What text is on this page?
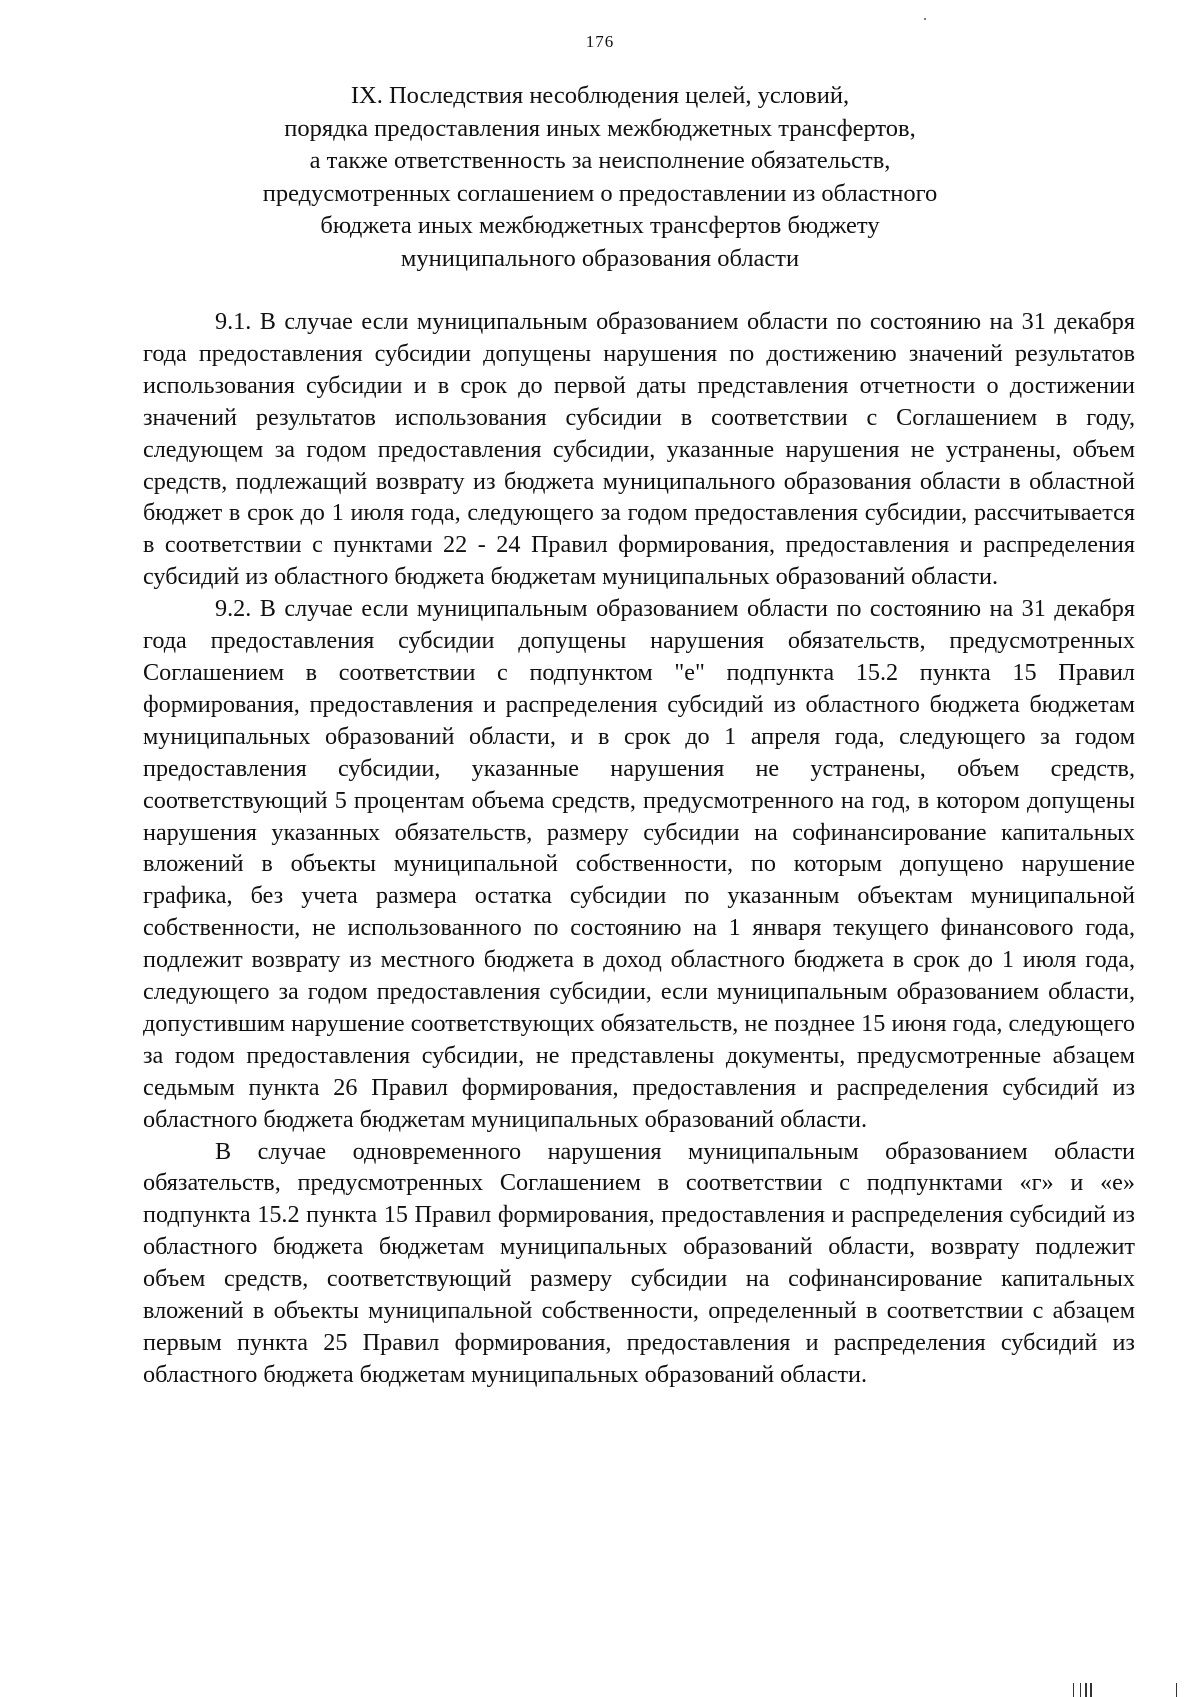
176
IX. Последствия несоблюдения целей, условий,
порядка предоставления иных межбюджетных трансфертов,
а также ответственность за неисполнение обязательств,
предусмотренных соглашением о предоставлении из областного
бюджета иных межбюджетных трансфертов бюджету
муниципального образования области

9.1. В случае если муниципальным образованием области по состоянию на 31 декабря года предоставления субсидии допущены нарушения по достижению значений результатов использования субсидии и в срок до первой даты представления отчетности о достижении значений результатов использования субсидии в соответствии с Соглашением в году, следующем за годом предоставления субсидии, указанные нарушения не устранены, объем средств, подлежащий возврату из бюджета муниципального образования области в областной бюджет в срок до 1 июля года, следующего за годом предоставления субсидии, рассчитывается в соответствии с пунктами 22 - 24 Правил формирования, предоставления и распределения субсидий из областного бюджета бюджетам муниципальных образований области.

9.2. В случае если муниципальным образованием области по состоянию на 31 декабря года предоставления субсидии допущены нарушения обязательств, предусмотренных Соглашением в соответствии с подпунктом "е" подпункта 15.2 пункта 15 Правил формирования, предоставления и распределения субсидий из областного бюджета бюджетам муниципальных образований области, и в срок до 1 апреля года, следующего за годом предоставления субсидии, указанные нарушения не устранены, объем средств, соответствующий 5 процентам объема средств, предусмотренного на год, в котором допущены нарушения указанных обязательств, размеру субсидии на софинансирование капитальных вложений в объекты муниципальной собственности, по которым допущено нарушение графика, без учета размера остатка субсидии по указанным объектам муниципальной собственности, не использованного по состоянию на 1 января текущего финансового года, подлежит возврату из местного бюджета в доход областного бюджета в срок до 1 июля года, следующего за годом предоставления субсидии, если муниципальным образованием области, допустившим нарушение соответствующих обязательств, не позднее 15 июня года, следующего за годом предоставления субсидии, не представлены документы, предусмотренные абзацем седьмым пункта 26 Правил формирования, предоставления и распределения субсидий из областного бюджета бюджетам муниципальных образований области.

В случае одновременного нарушения муниципальным образованием области обязательств, предусмотренных Соглашением в соответствии с подпунктами «г» и «е» подпункта 15.2 пункта 15 Правил формирования, предоставления и распределения субсидий из областного бюджета бюджетам муниципальных образований области, возврату подлежит объем средств, соответствующий размеру субсидии на софинансирование капитальных вложений в объекты муниципальной собственности, определенный в соответствии с абзацем первым пункта 25 Правил формирования, предоставления и распределения субсидий из областного бюджета бюджетам муниципальных образований области.
